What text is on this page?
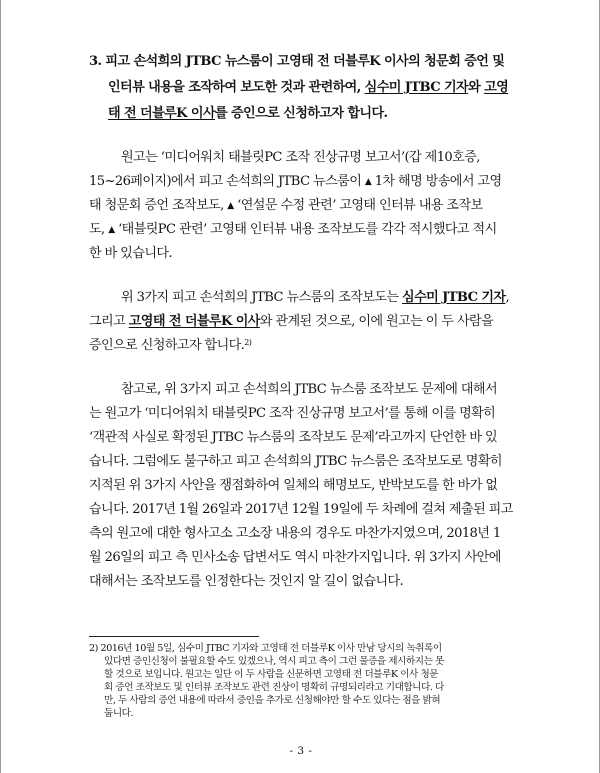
3. 피고 손석희의 JTBC 뉴스룸이 고영태 전 더블루K 이사의 청문회 증언 및
인터뷰 내용을 조작하여 보도한 것과 관련하여, 심수미 JTBC 기자와 고영
태 전 더블루K 이사를 증인으로 신청하고자 합니다.
원고는 ‘미디어워치 태블릿PC 조작 진상규명 보고서’(갑 제10호증,
15~26페이지)에서 피고 손석희의 JTBC 뉴스룸이 ▲ 1차 해명 방송에서 고영
태 청문회 증언 조작보도, ▲ ‘연설문 수정 관련’ 고영태 인터뷰 내용 조작보
도, ▲ ‘태블릿PC 관련’ 고영태 인터뷰 내용 조작보도를 각각 적시했다고 적시
한 바 있습니다.
위 3가지 피고 손석희의 JTBC 뉴스룸의 조작보도는 심수미 JTBC 기자,
그리고 고영태 전 더블루K 이사와 관계된 것으로, 이에 원고는 이 두 사람을
증인으로 신청하고자 합니다.$^{2)}$
참고로, 위 3가지 피고 손석희의 JTBC 뉴스룸 조작보도 문제에 대해서
는 원고가 ‘미디어워치 태블릿PC 조작 진상규명 보고서’를 통해 이를 명확히
‘객관적 사실로 확정된 JTBC 뉴스룸의 조작보도 문제’라고까지 단언한 바 있
습니다. 그럼에도 불구하고 피고 손석희의 JTBC 뉴스룸은 조작보도로 명확히
지적된 위 3가지 사안을 쟁점화하여 일체의 해명보도, 반박보도를 한 바가 없
습니다. 2017년 1월 26일과 2017년 12월 19일에 두 차례에 걸쳐 제출된 피고
측의 원고에 대한 형사고소 고소장 내용의 경우도 마찬가지였으며, 2018년 1
월 26일의 피고 측 민사소송 답변서도 역시 마찬가지입니다. 위 3가지 사안에
대해서는 조작보도를 인정한다는 것인지 알 길이 없습니다.
2) 2016년 10월 5일, 심수미 JTBC 기자와 고영태 전 더블루K 이사 만남 당시의 녹취록이
있다면 증인신청이 불필요할 수도 있겠으나, 역시 피고 측이 그런 물증을 제시하지는 못
할 것으로 보입니다. 원고는 일단 이 두 사람을 신문하면 고영태 전 더블루K 이사 청문
회 증언 조작보도 및 인터뷰 조작보도 관련 진상이 명확히 규명되리라고 기대합니다. 다
만, 두 사람의 증언 내용에 따라서 증인을 추가로 신청해야만 할 수도 있다는 점을 밝혀
둡니다.
- 3 -
